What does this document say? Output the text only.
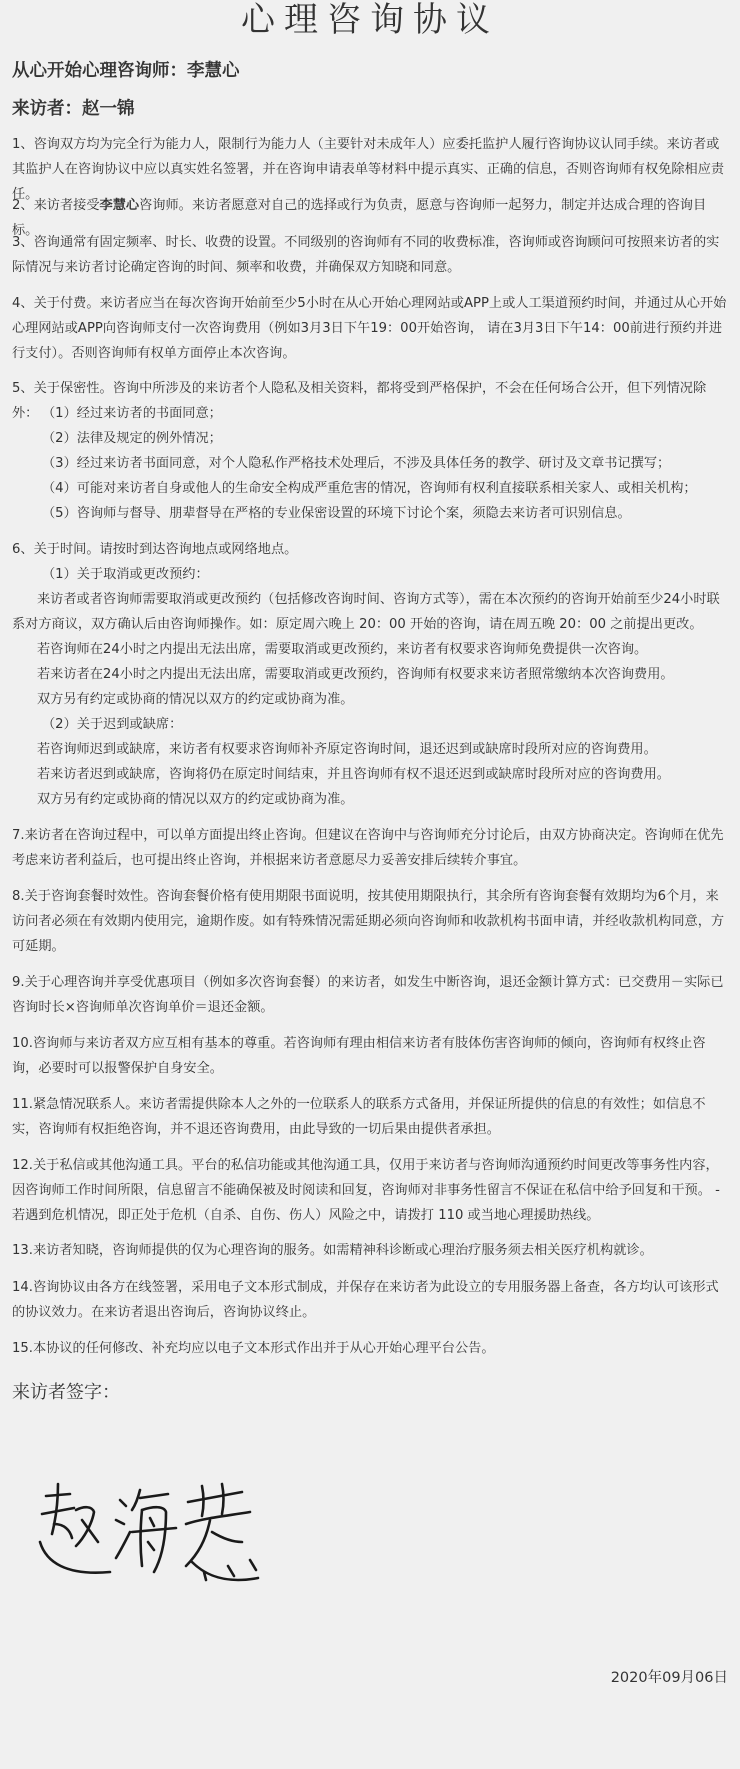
心理咨询协议
从心开始心理咨询师：李慧心
来访者：赵一锦
1、咨询双方均为完全行为能力人，限制行为能力人（主要针对未成年人）应委托监护人履行咨询协议认同手续。来访者或其监护人在咨询协议中应以真实姓名签署，并在咨询申请表单等材料中提示真实、正确的信息，否则咨询师有权免除相应责任。
2、来访者接受李慧心咨询师。来访者愿意对自己的选择或行为负责，愿意与咨询师一起努力，制定并达成合理的咨询目标。
3、咨询通常有固定频率、时长、收费的设置。不同级别的咨询师有不同的收费标准，咨询师或咨询顾问可按照来访者的实际情况与来访者讨论确定咨询的时间、频率和收费，并确保双方知晓和同意。
4、关于付费。来访者应当在每次咨询开始前至少5小时在从心开始心理网站或APP上或人工渠道预约时间，并通过从心开始心理网站或APP向咨询师支付一次咨询费用（例如3月3日下午19：00开始咨询， 请在3月3日下午14：00前进行预约并进行支付）。否则咨询师有权单方面停止本次咨询。
5、关于保密性。咨询中所涉及的来访者个人隐私及相关资料，都将受到严格保护，不会在任何场合公开，但下列情况除外： （1）经过来访者的书面同意；
（2）法律及规定的例外情况；
（3）经过来访者书面同意，对个人隐私作严格技术处理后，不涉及具体任务的教学、研讨及文章书记撰写；
（4）可能对来访者自身或他人的生命安全构成严重危害的情况，咨询师有权利直接联系相关家人、或相关机构；
（5）咨询师与督导、朋辈督导在严格的专业保密设置的环境下讨论个案，须隐去来访者可识别信息。
6、关于时间。请按时到达咨询地点或网络地点。
（1）关于取消或更改预约：
来访者或者咨询师需要取消或更改预约（包括修改咨询时间、咨询方式等），需在本次预约的咨询开始前至少24小时联系对方商议，双方确认后由咨询师操作。如：原定周六晚上 20：00 开始的咨询，请在周五晚 20：00 之前提出更改。
若咨询师在24小时之内提出无法出席，需要取消或更改预约，来访者有权要求咨询师免费提供一次咨询。
若来访者在24小时之内提出无法出席，需要取消或更改预约，咨询师有权要求来访者照常缴纳本次咨询费用。
双方另有约定或协商的情况以双方的约定或协商为准。
（2）关于迟到或缺席：
若咨询师迟到或缺席，来访者有权要求咨询师补齐原定咨询时间，退还迟到或缺席时段所对应的咨询费用。
若来访者迟到或缺席，咨询将仍在原定时间结束，并且咨询师有权不退还迟到或缺席时段所对应的咨询费用。
双方另有约定或协商的情况以双方的约定或协商为准。
7.来访者在咨询过程中，可以单方面提出终止咨询。但建议在咨询中与咨询师充分讨论后，由双方协商决定。咨询师在优先考虑来访者利益后，也可提出终止咨询，并根据来访者意愿尽力妥善安排后续转介事宜。
8.关于咨询套餐时效性。咨询套餐价格有使用期限书面说明，按其使用期限执行，其余所有咨询套餐有效期均为6个月，来访问者必须在有效期内使用完，逾期作废。如有特殊情况需延期必须向咨询师和收款机构书面申请，并经收款机构同意，方可延期。
9.关于心理咨询并享受优惠项目（例如多次咨询套餐）的来访者，如发生中断咨询，退还金额计算方式：已交费用－实际已咨询时长×咨询师单次咨询单价＝退还金额。
10.咨询师与来访者双方应互相有基本的尊重。若咨询师有理由相信来访者有肢体伤害咨询师的倾向，咨询师有权终止咨询，必要时可以报警保护自身安全。
11.紧急情况联系人。来访者需提供除本人之外的一位联系人的联系方式备用，并保证所提供的信息的有效性；如信息不实，咨询师有权拒绝咨询，并不退还咨询费用，由此导致的一切后果由提供者承担。
12.关于私信或其他沟通工具。平台的私信功能或其他沟通工具，仅用于来访者与咨询师沟通预约时间更改等事务性内容，因咨询师工作时间所限，信息留言不能确保被及时阅读和回复，咨询师对非事务性留言不保证在私信中给予回复和干预。 - 若遇到危机情况，即正处于危机（自杀、自伤、伤人）风险之中，请拨打 110 或当地心理援助热线。
13.来访者知晓，咨询师提供的仅为心理咨询的服务。如需精神科诊断或心理治疗服务须去相关医疗机构就诊。
14.咨询协议由各方在线签署，采用电子文本形式制成，并保存在来访者为此设立的专用服务器上备查，各方均认可该形式的协议效力。在来访者退出咨询后，咨询协议终止。
15.本协议的任何修改、补充均应以电子文本形式作出并于从心开始心理平台公告。
来访者签字：
2020年09月06日
